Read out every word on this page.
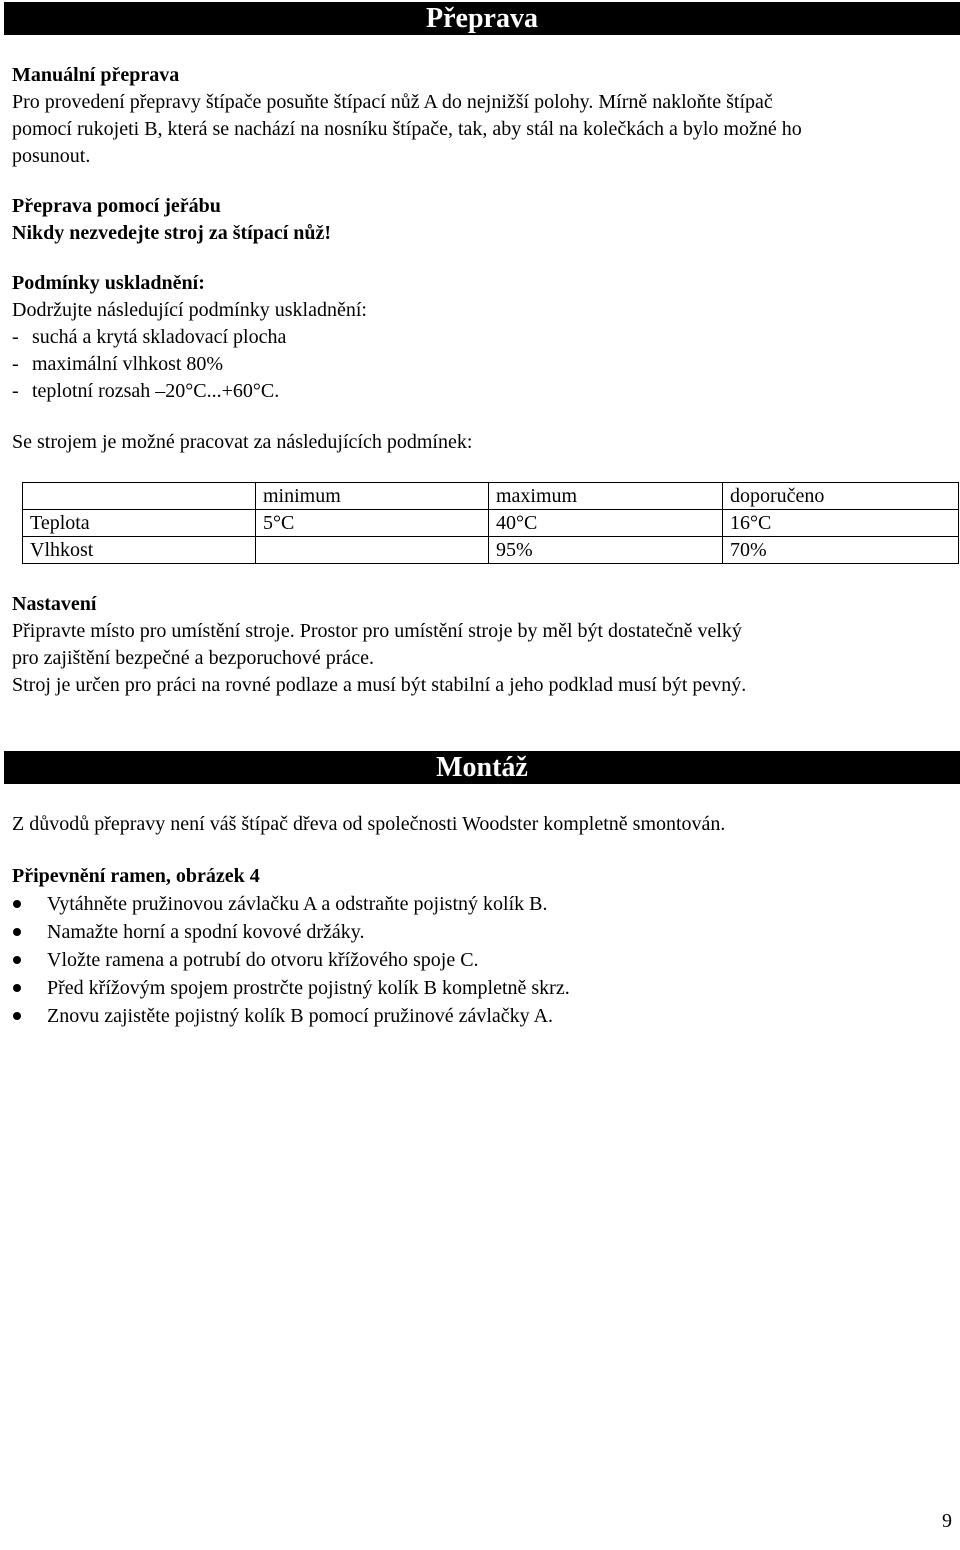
Přeprava
Manuální přeprava
Pro provedení přepravy štípače posuňte štípací nůž A do nejnižší polohy. Mírně nakloňte štípač
pomocí rukojeti B, která se nachází na nosníku štípače, tak, aby stál na kolečkách a bylo možné ho
posunout.
Přeprava pomocí jeřábu
Nikdy nezvedejte stroj za štípací nůž!
Podmínky uskladnění:
Dodržujte následující podmínky uskladnění:
- suchá a krytá skladovací plocha
- maximální vlhkost 80%
- teplotní rozsah –20°C...+60°C.
Se strojem je možné pracovat za následujících podmínek:
	minimum	maximum	doporučeno
Teplota	5°C	40°C	16°C
Vlhkost		95%	70%
Nastavení
Připravte místo pro umístění stroje. Prostor pro umístění stroje by měl být dostatečně velký
pro zajištění bezpečné a bezporuchové práce.
Stroj je určen pro práci na rovné podlaze a musí být stabilní a jeho podklad musí být pevný.
Montáž
Z důvodů přepravy není váš štípač dřeva od společnosti Woodster kompletně smontován.
Připevnění ramen, obrázek 4
Vytáhněte pružinovou závlačku A a odstraňte pojistný kolík B.
Namažte horní a spodní kovové držáky.
Vložte ramena a potrubí do otvoru křížového spoje C.
Před křížovým spojem prostrčte pojistný kolík B kompletně skrz.
Znovu zajistěte pojistný kolík B pomocí pružinové závlačky A.
9
